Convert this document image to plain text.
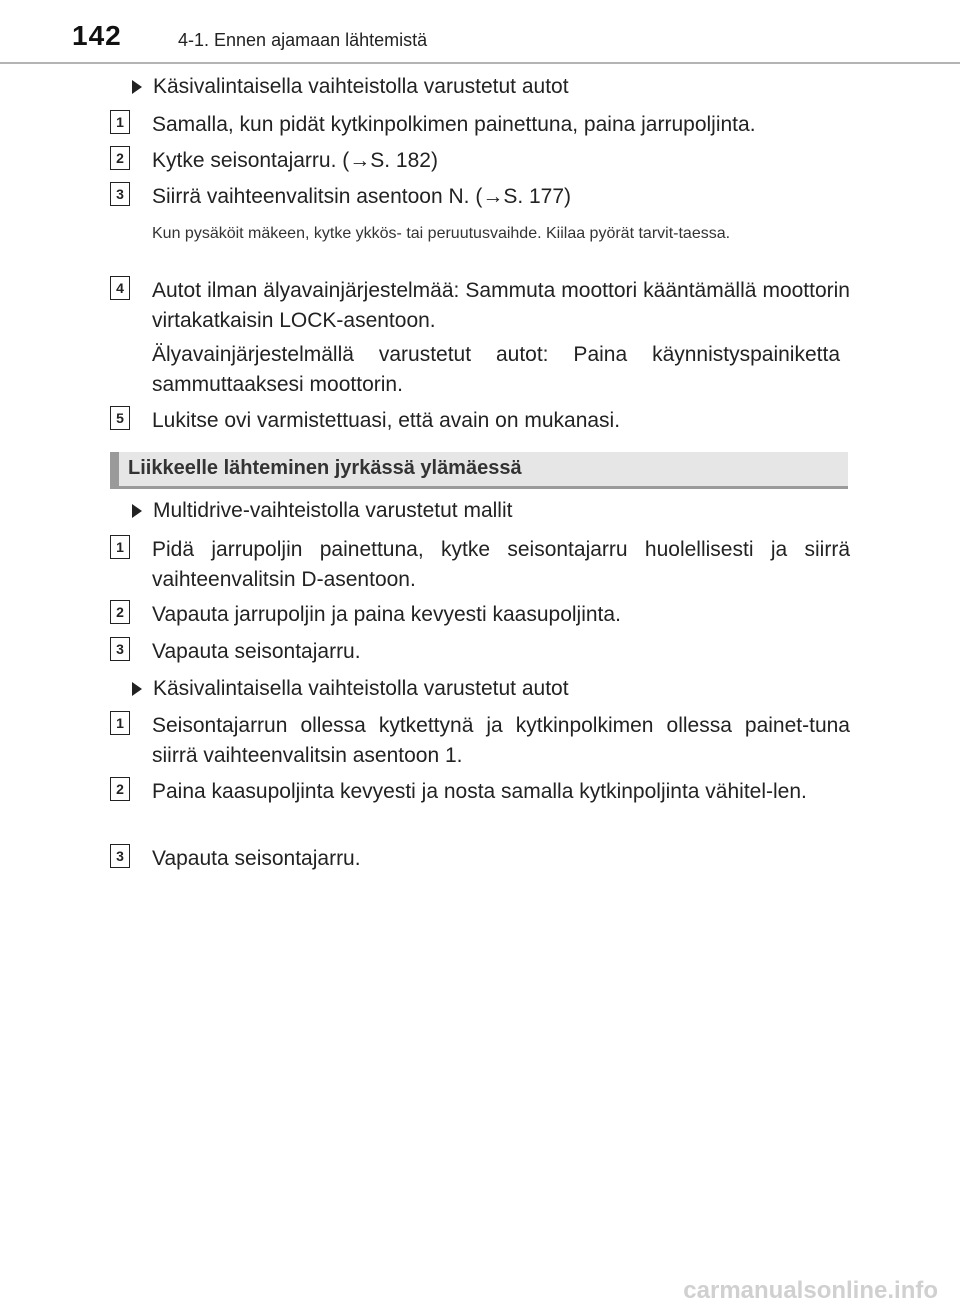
142	4-1. Ennen ajamaan lähtemistä
Käsivalintaisella vaihteistolla varustetut autot
1 Samalla, kun pidät kytkinpolkimen painettuna, paina jarrupoljinta.
2 Kytke seisontajarru. (→S. 182)
3 Siirrä vaihteenvalitsin asentoon N. (→S. 177)
Kun pysäköit mäkeen, kytke ykkös- tai peruutusvaihde. Kiilaa pyörät tarvit-taessa.
4 Autot ilman älyavainjärjestelmää: Sammuta moottori kääntämällä moottorin virtakatkaisin LOCK-asentoon.
Älyavainjärjestelmällä varustetut autot: Paina käynnistyspainiketta sammuttaaksesi moottorin.
5 Lukitse ovi varmistettuasi, että avain on mukanasi.
Liikkeelle lähteminen jyrkässä ylämäessä
Multidrive-vaihteistolla varustetut mallit
1 Pidä jarrupoljin painettuna, kytke seisontajarru huolellisesti ja siirrä vaihteenvalitsin D-asentoon.
2 Vapauta jarrupoljin ja paina kevyesti kaasupoljinta.
3 Vapauta seisontajarru.
Käsivalintaisella vaihteistolla varustetut autot
1 Seisontajarrun ollessa kytkettynä ja kytkinpolkimen ollessa painet-tuna siirrä vaihteenvalitsin asentoon 1.
2 Paina kaasupoljinta kevyesti ja nosta samalla kytkinpoljinta vähitel-len.
3 Vapauta seisontajarru.
carmanualsonline.info
